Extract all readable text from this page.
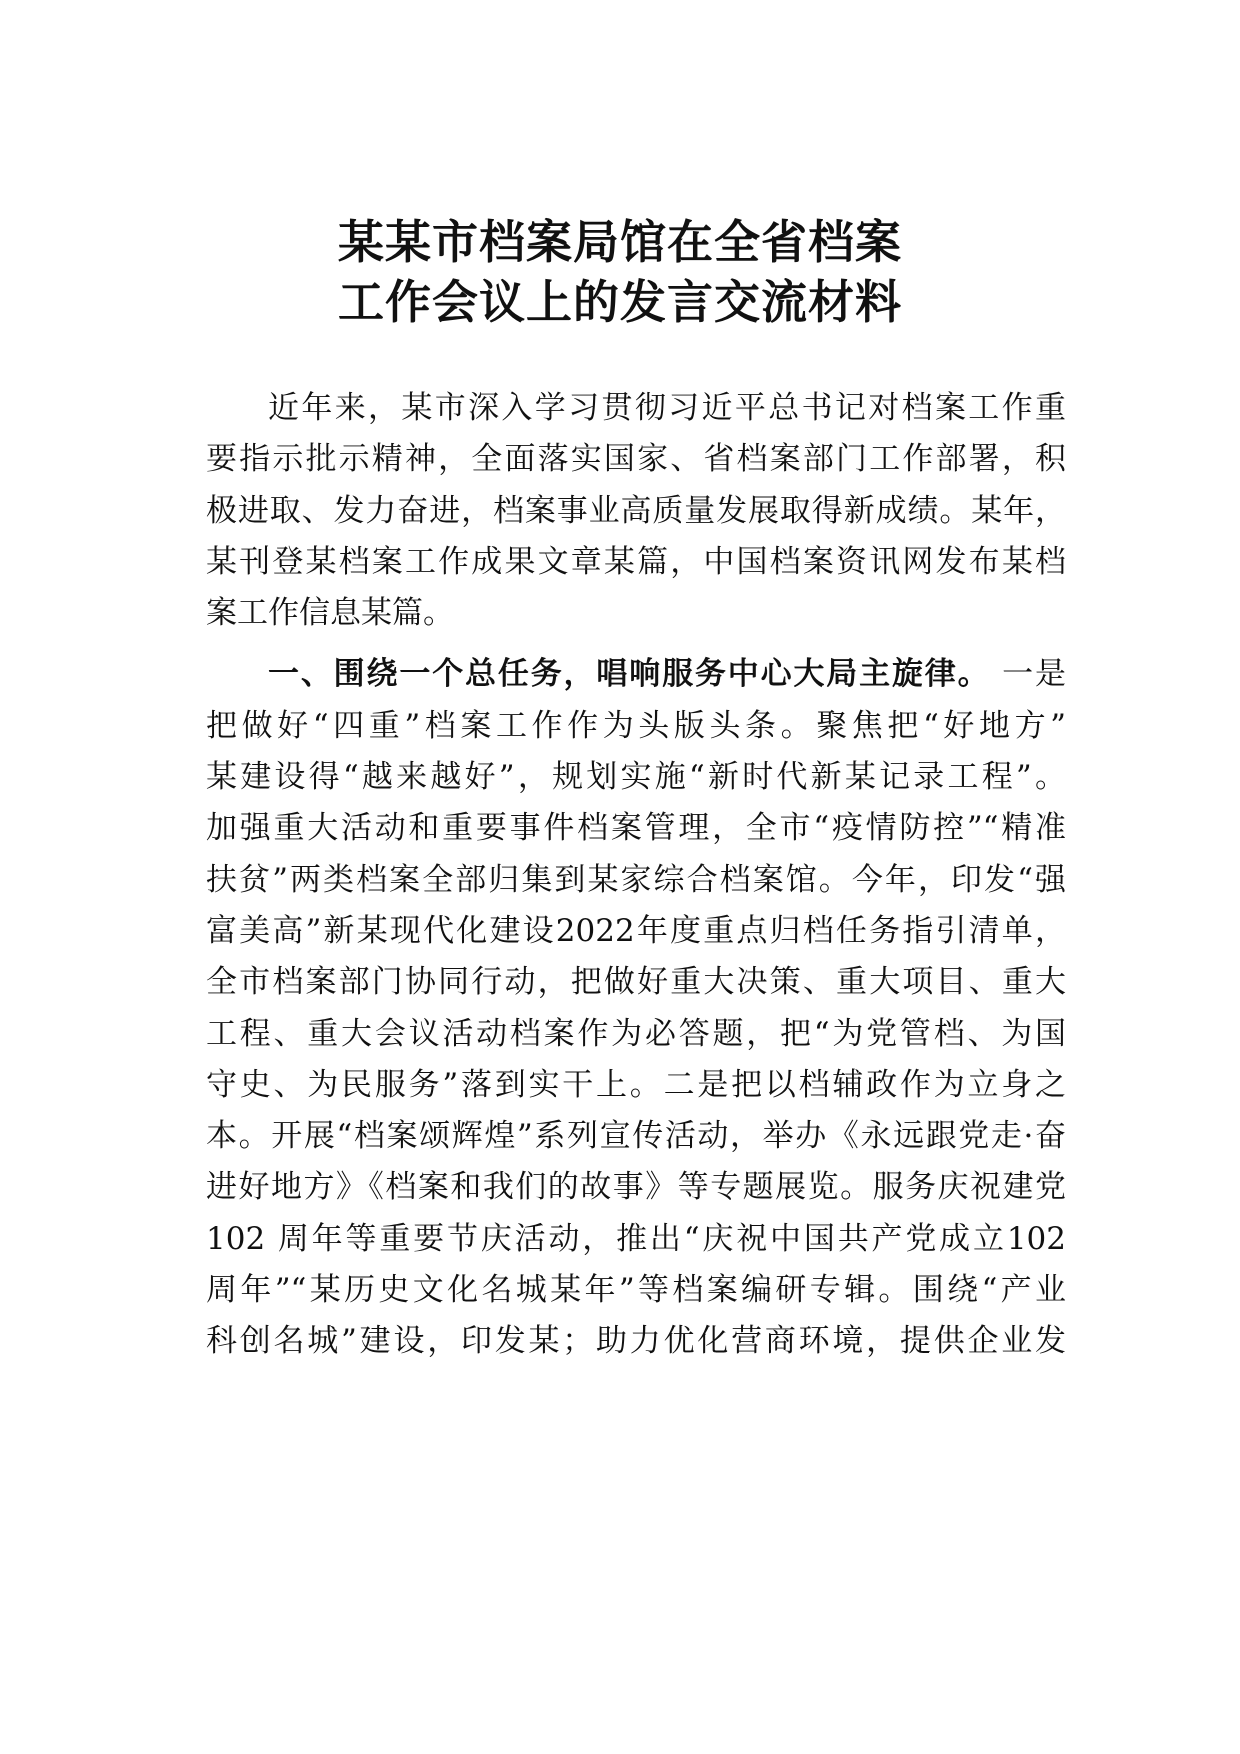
某某市档案局馆在全省档案
工作会议上的发言交流材料
近年来，某市深入学习贯彻习近平总书记对档案工作重
要指示批示精神，全面落实国家、省档案部门工作部署，积
极进取、发力奋进，档案事业高质量发展取得新成绩。某年，
某刊登某档案工作成果文章某篇，中国档案资讯网发布某档
案工作信息某篇。
一、围绕一个总任务，唱响服务中心大局主旋律。 一是
把做好“四重”档案工作作为头版头条。聚焦把“好地方”
某建设得“越来越好”，规划实施“新时代新某记录工程”。
加强重大活动和重要事件档案管理，全市“疫情防控”“精准
扶贫”两类档案全部归集到某家综合档案馆。今年，印发“强
富美高”新某现代化建设2022年度重点归档任务指引清单，
全市档案部门协同行动，把做好重大决策、重大项目、重大
工程、重大会议活动档案作为必答题，把“为党管档、为国
守史、为民服务”落到实干上。二是把以档辅政作为立身之
本。开展“档案颂辉煌”系列宣传活动，举办《永远跟党走·奋
进好地方》《档案和我们的故事》等专题展览。服务庆祝建党
102 周年等重要节庆活动，推出“庆祝中国共产党成立102
周年”“某历史文化名城某年”等档案编研专辑。围绕“产业
科创名城”建设，印发某；助力优化营商环境，提供企业发
